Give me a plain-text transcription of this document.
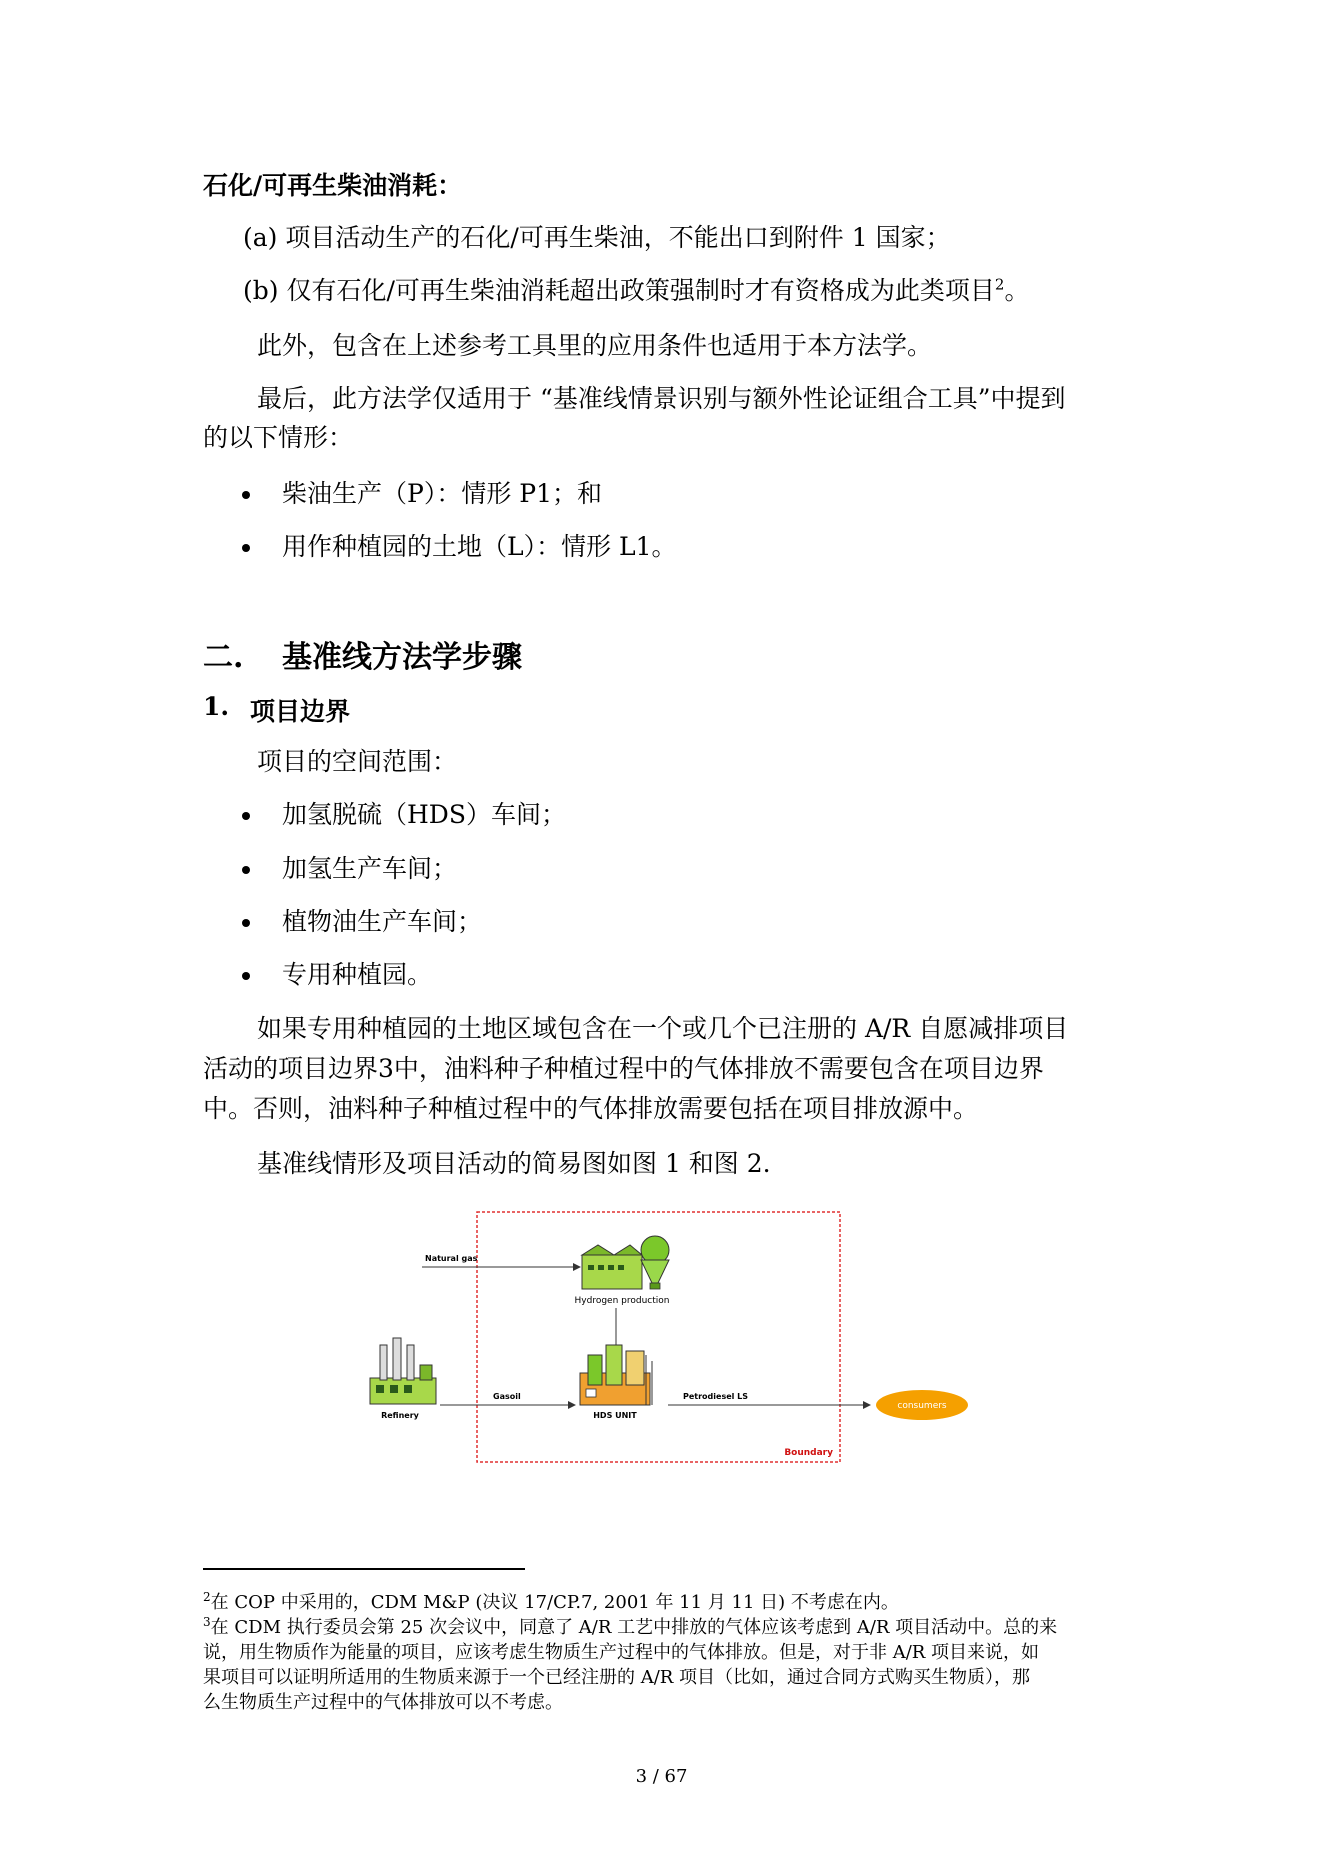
石化/可再生柴油消耗：
(a) 项目活动生产的石化/可再生柴油，不能出口到附件 1 国家；
(b) 仅有石化/可再生柴油消耗超出政策强制时才有资格成为此类项目$^2$。
此外，包含在上述参考工具里的应用条件也适用于本方法学。
最后，此方法学仅适用于 “基准线情景识别与额外性论证组合工具”中提到
的以下情形：
柴油生产（P）：情形 P1；和
用作种植园的土地（L）：情形 L1。
二. 基准线方法学步骤
1. 项目边界
项目的空间范围：
加氢脱硫（HDS）车间；
加氢生产车间；
植物油生产车间；
专用种植园。
如果专用种植园的土地区域包含在一个或几个已注册的 A/R 自愿减排项目
活动的项目边界3中，油料种子种植过程中的气体排放不需要包含在项目边界
中。否则，油料种子种植过程中的气体排放需要包括在项目排放源中。
基准线情形及项目活动的简易图如图 1 和图 2.
Boundary
Natural gas
Hydrogen production
Refinery
Gasoil
HDS UNIT
Petrodiesel LS
consumers
$^2$在 COP 中采用的，CDM M&P (决议 17/CP.7, 2001 年 11 月 11 日) 不考虑在内。
$^3$在 CDM 执行委员会第 25 次会议中，同意了 A/R 工艺中排放的气体应该考虑到 A/R 项目活动中。总的来
说，用生物质作为能量的项目，应该考虑生物质生产过程中的气体排放。但是，对于非 A/R 项目来说，如
果项目可以证明所适用的生物质来源于一个已经注册的 A/R 项目（比如，通过合同方式购买生物质），那
么生物质生产过程中的气体排放可以不考虑。
3 / 67
